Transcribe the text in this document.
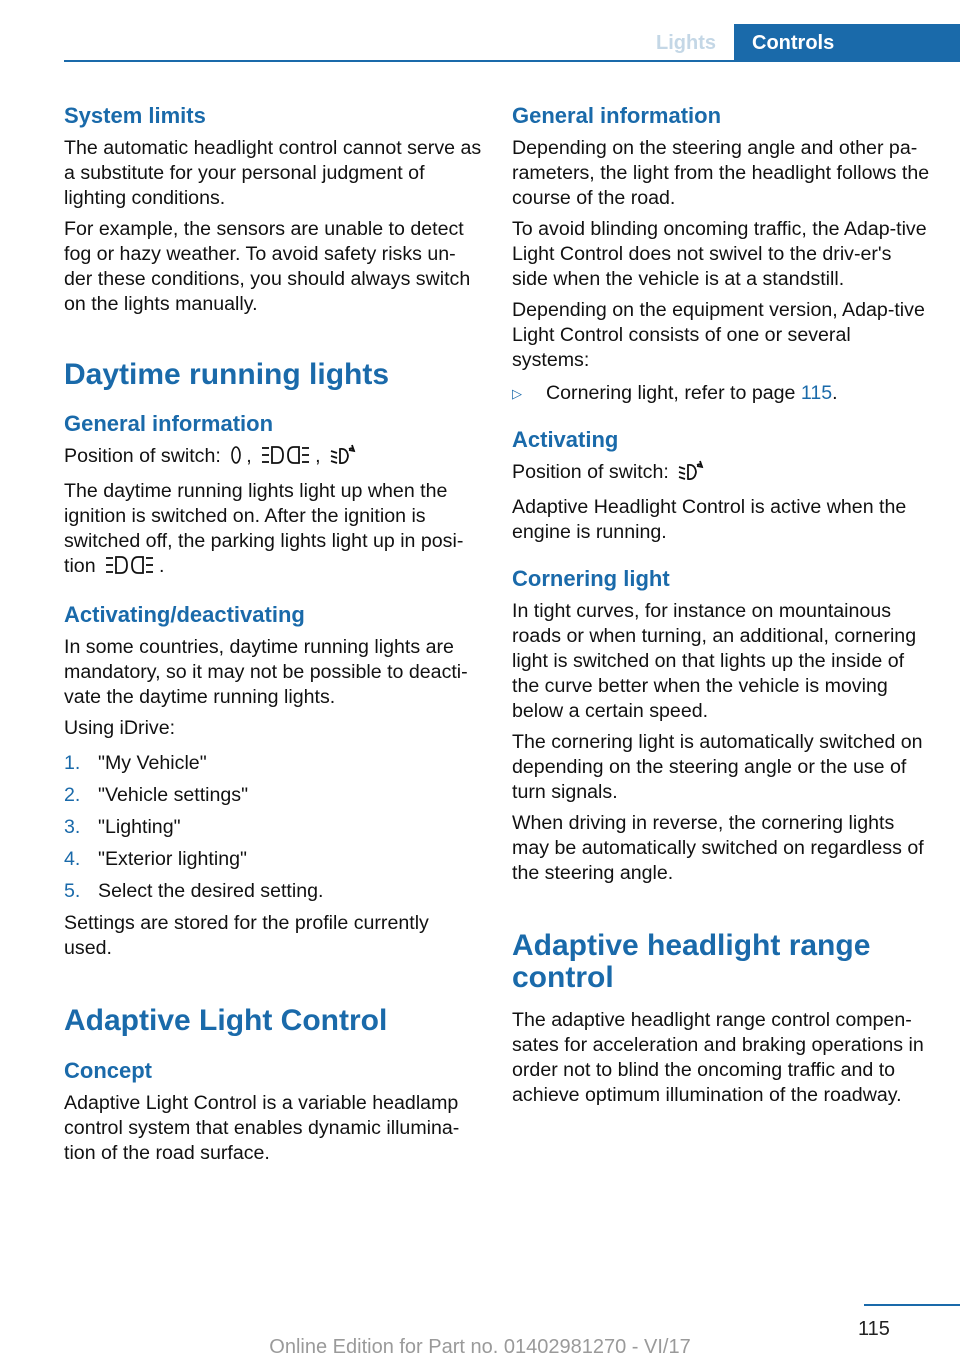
Lights	Controls
System limits

The automatic headlight control cannot serve as a substitute for your personal judgment of lighting conditions.

For example, the sensors are unable to detect fog or hazy weather. To avoid safety risks un‐der these conditions, you should always switch on the lights manually.

Daytime running lights
General information

Position of switch: ,	,

The daytime running lights light up when the ignition is switched on. After the ignition is switched off, the parking lights light up in posi‐tion	.

Activating/deactivating

In some countries, daytime running lights are mandatory, so it may not be possible to deacti‐vate the daytime running lights.

Using iDrive:

1. "My Vehicle"
2. "Vehicle settings"
3. "Lighting"
4. "Exterior lighting"
5. Select the desired setting.

Settings are stored for the profile currently used.

Adaptive Light Control
Concept

Adaptive Light Control is a variable headlamp control system that enables dynamic illumina‐tion of the road surface.

General information

Depending on the steering angle and other pa‐rameters, the light from the headlight follows the course of the road.

To avoid blinding oncoming traffic, the Adap‐tive Light Control does not swivel to the driv‐er's side when the vehicle is at a standstill.

Depending on the equipment version, Adap‐tive Light Control consists of one or several systems:

▷	Cornering light, refer to page 115.
Activating

Position of switch:

Adaptive Headlight Control is active when the engine is running.

Cornering light

In tight curves, for instance on mountainous roads or when turning, an additional, cornering light is switched on that lights up the inside of the curve better when the vehicle is moving below a certain speed.

The cornering light is automatically switched on depending on the steering angle or the use of turn signals.

When driving in reverse, the cornering lights may be automatically switched on regardless of the steering angle.

Adaptive headlight range control

The adaptive headlight range control compen‐sates for acceleration and braking operations in order not to blind the oncoming traffic and to achieve optimum illumination of the roadway.

115
Online Edition for Part no. 01402981270 - VI/17
